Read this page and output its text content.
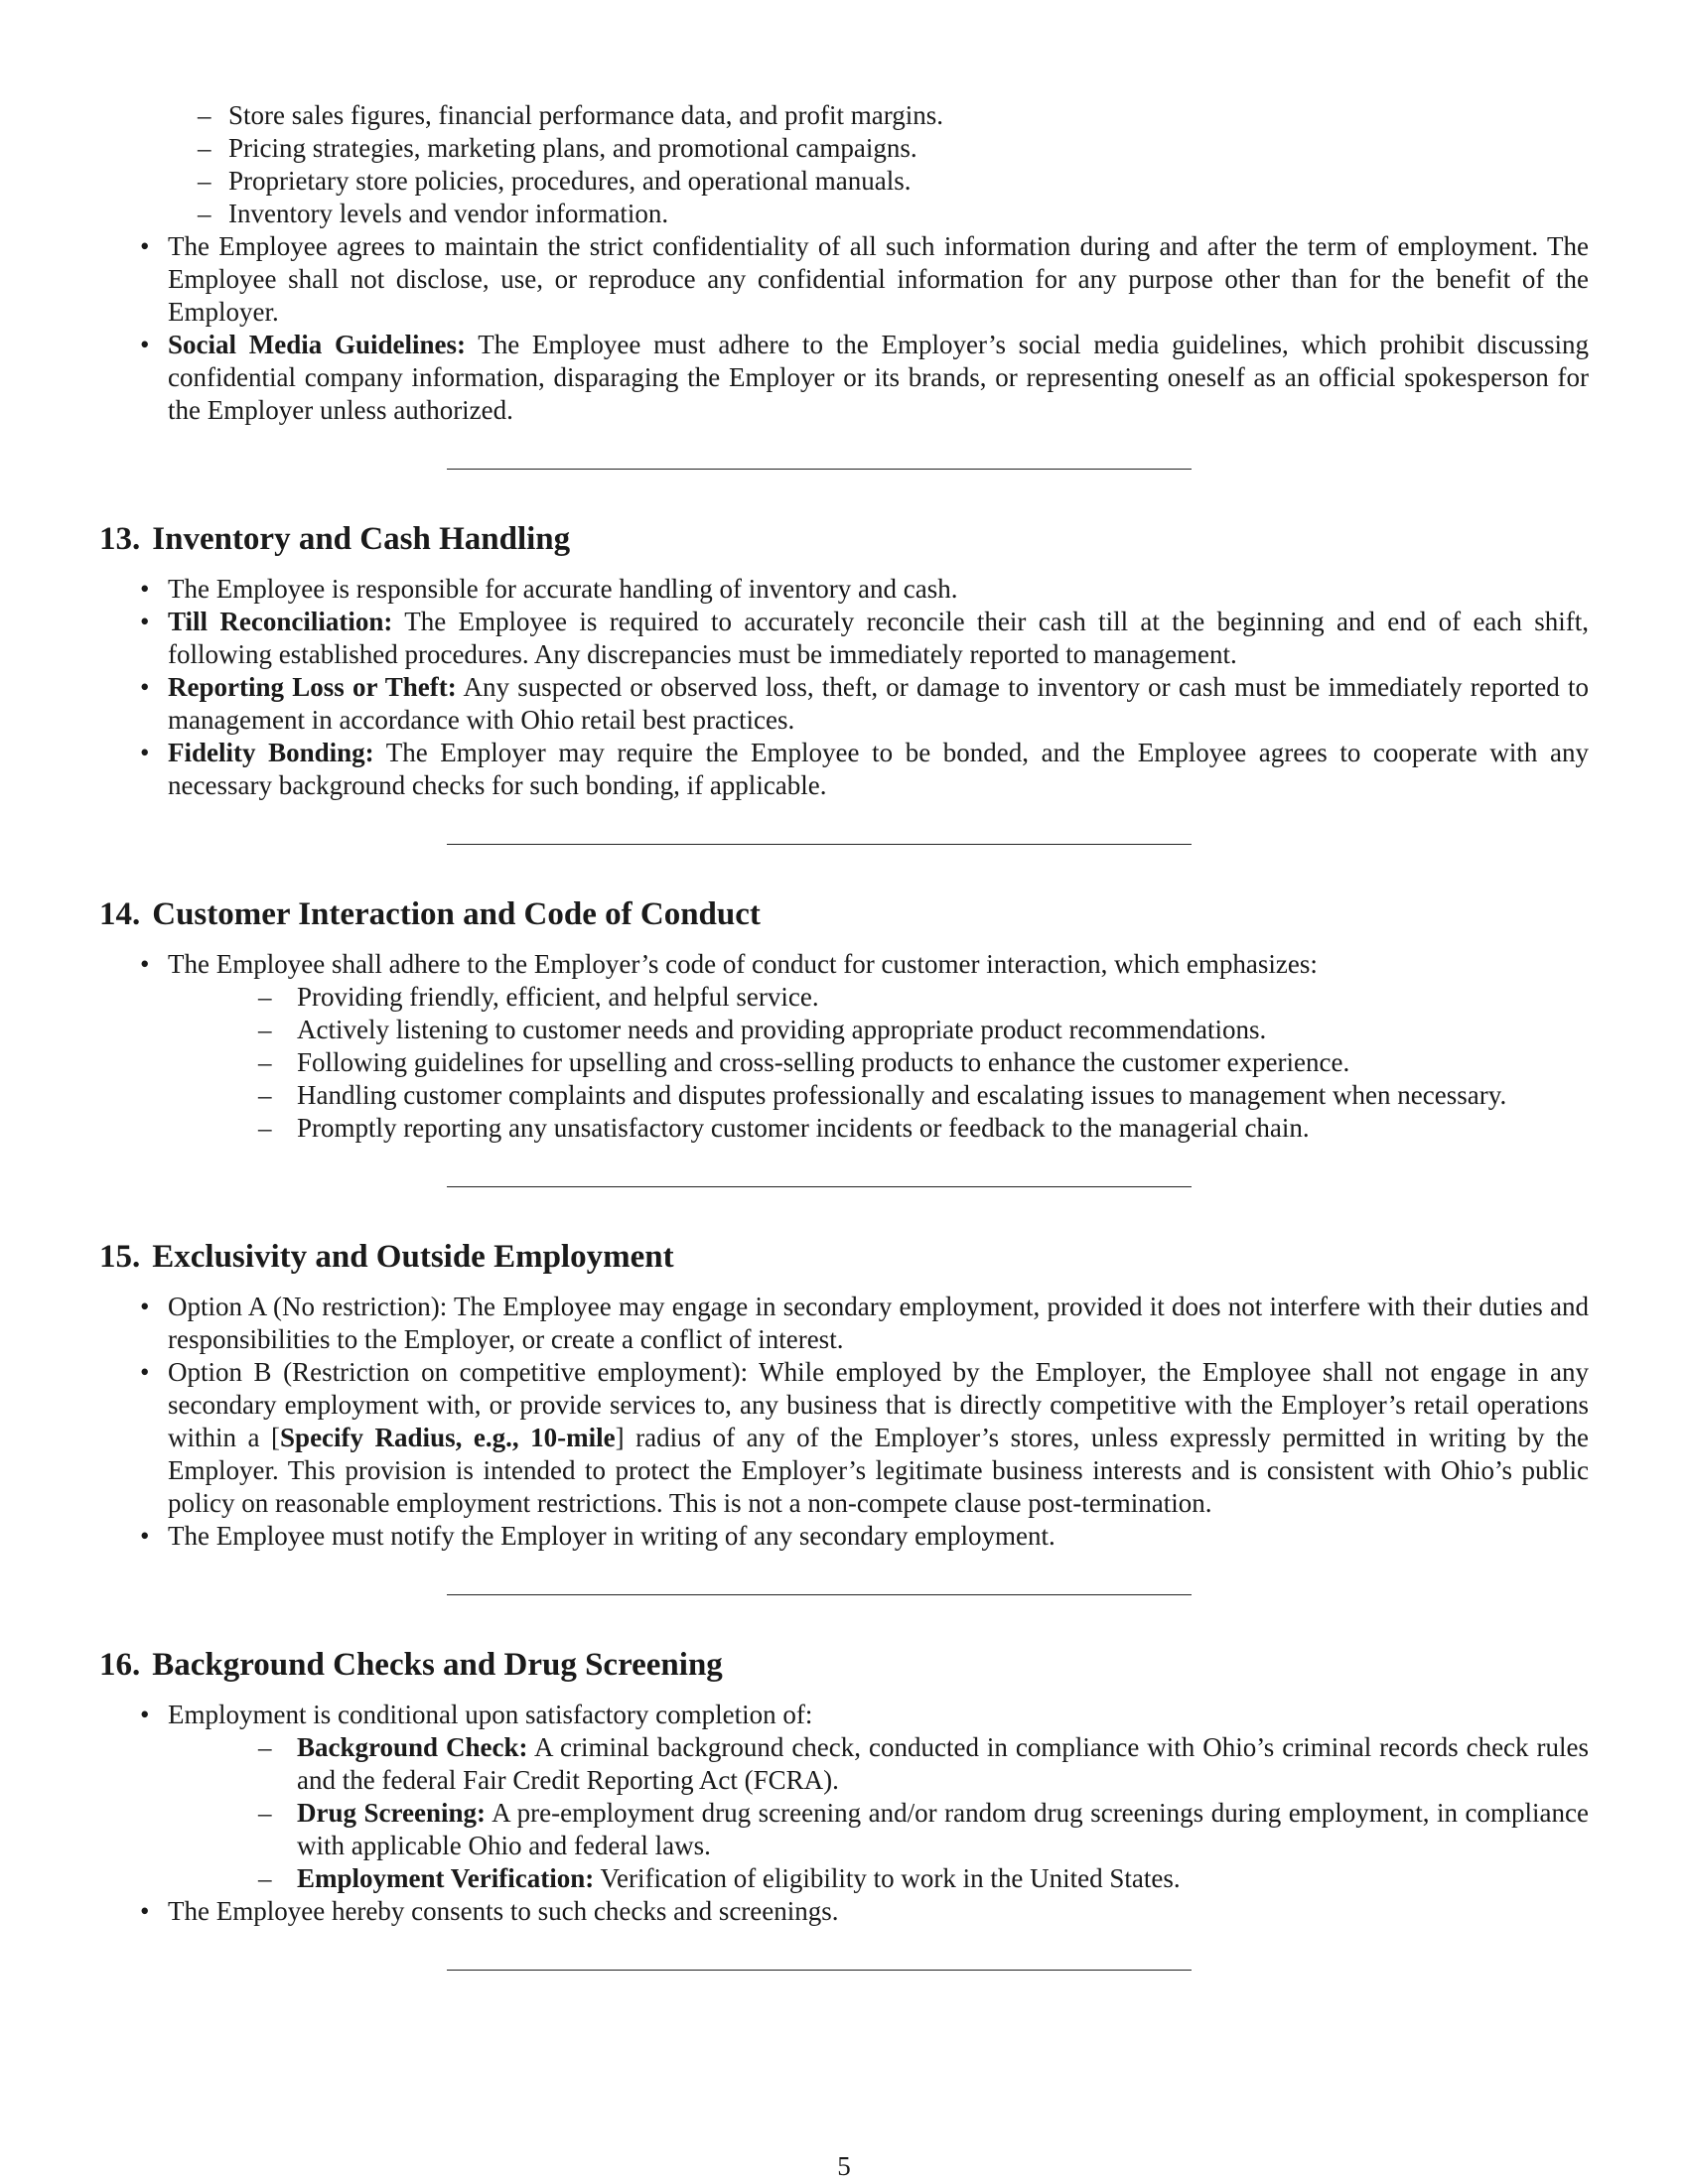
– Store sales figures, financial performance data, and profit margins.
– Pricing strategies, marketing plans, and promotional campaigns.
– Proprietary store policies, procedures, and operational manuals.
– Inventory levels and vendor information.
• The Employee agrees to maintain the strict confidentiality of all such information during and after the term of employment. The Employee shall not disclose, use, or reproduce any confidential information for any purpose other than for the benefit of the Employer.
• Social Media Guidelines: The Employee must adhere to the Employer’s social media guidelines, which prohibit discussing confidential company information, disparaging the Employer or its brands, or representing oneself as an official spokesperson for the Employer unless authorized.
13. Inventory and Cash Handling
• The Employee is responsible for accurate handling of inventory and cash.
• Till Reconciliation: The Employee is required to accurately reconcile their cash till at the beginning and end of each shift, following established procedures. Any discrepancies must be immediately reported to management.
• Reporting Loss or Theft: Any suspected or observed loss, theft, or damage to inventory or cash must be immediately reported to management in accordance with Ohio retail best practices.
• Fidelity Bonding: The Employer may require the Employee to be bonded, and the Employee agrees to cooperate with any necessary background checks for such bonding, if applicable.
14. Customer Interaction and Code of Conduct
• The Employee shall adhere to the Employer’s code of conduct for customer interaction, which emphasizes:
– Providing friendly, efficient, and helpful service.
– Actively listening to customer needs and providing appropriate product recommendations.
– Following guidelines for upselling and cross-selling products to enhance the customer experience.
– Handling customer complaints and disputes professionally and escalating issues to management when necessary.
– Promptly reporting any unsatisfactory customer incidents or feedback to the managerial chain.
15. Exclusivity and Outside Employment
• Option A (No restriction): The Employee may engage in secondary employment, provided it does not interfere with their duties and responsibilities to the Employer, or create a conflict of interest.
• Option B (Restriction on competitive employment): While employed by the Employer, the Employee shall not engage in any secondary employment with, or provide services to, any business that is directly competitive with the Employer’s retail operations within a [Specify Radius, e.g., 10-mile] radius of any of the Employer’s stores, unless expressly permitted in writing by the Employer. This provision is intended to protect the Employer’s legitimate business interests and is consistent with Ohio’s public policy on reasonable employment restrictions. This is not a non-compete clause post-termination.
• The Employee must notify the Employer in writing of any secondary employment.
16. Background Checks and Drug Screening
• Employment is conditional upon satisfactory completion of:
– Background Check: A criminal background check, conducted in compliance with Ohio’s criminal records check rules and the federal Fair Credit Reporting Act (FCRA).
– Drug Screening: A pre-employment drug screening and/or random drug screenings during employment, in compliance with applicable Ohio and federal laws.
– Employment Verification: Verification of eligibility to work in the United States.
• The Employee hereby consents to such checks and screenings.
5
